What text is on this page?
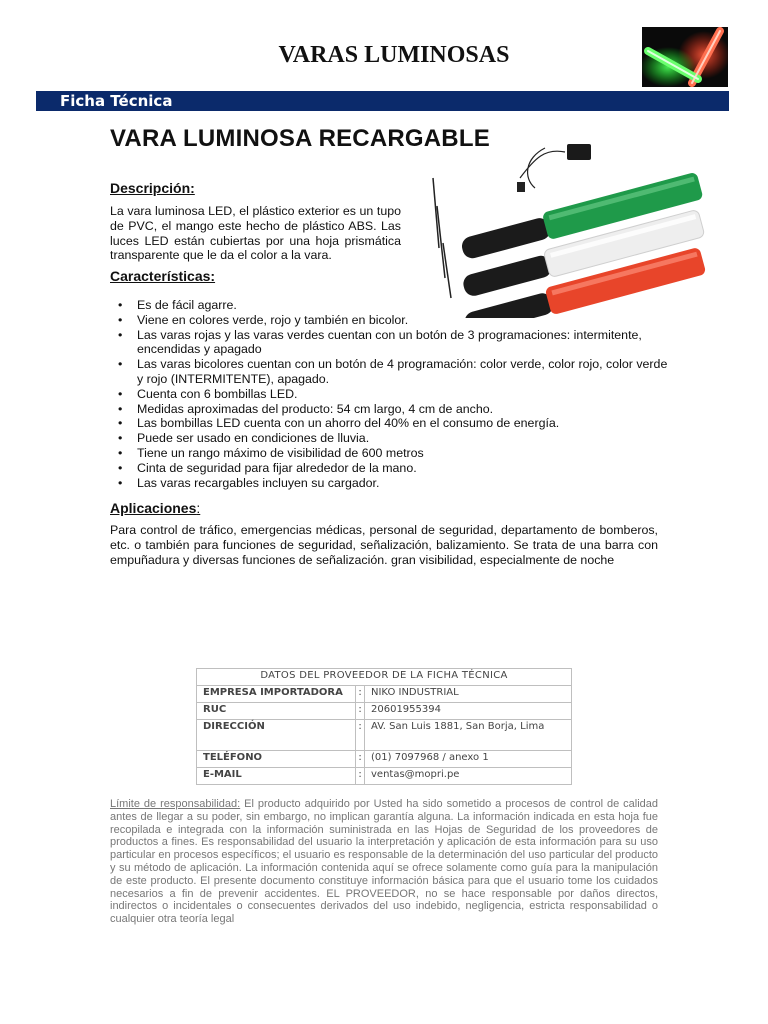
VARAS LUMINOSAS
Ficha Técnica
VARA LUMINOSA RECARGABLE
Descripción:
La vara luminosa LED, el plástico exterior es un tupo de PVC, el mango este hecho de plástico ABS. Las luces LED están cubiertas por una hoja prismática transparente que le da el color a la vara.
Características:
• Es de fácil agarre.
• Viene en colores verde, rojo y también en bicolor.
• Las varas rojas y las varas verdes cuentan con un botón de 3 programaciones: intermitente, encendidas y apagado
• Las varas bicolores cuentan con un botón de 4 programación: color verde, color rojo, color verde y rojo (INTERMITENTE), apagado.
• Cuenta con 6 bombillas LED.
• Medidas aproximadas del producto: 54 cm largo, 4 cm de ancho.
• Las bombillas LED cuenta con un ahorro del 40% en el consumo de energía.
• Puede ser usado en condiciones de lluvia.
• Tiene un rango máximo de visibilidad de 600 metros
• Cinta de seguridad para fijar alrededor de la mano.
• Las varas recargables incluyen su cargador.
Aplicaciones:
Para control de tráfico, emergencias médicas, personal de seguridad, departamento de bomberos, etc. o también para funciones de seguridad, señalización, balizamiento. Se trata de una barra con empuñadura y diversas funciones de señalización. gran visibilidad, especialmente de noche
DATOS DEL PROVEEDOR DE LA FICHA TÉCNICA		
EMPRESA IMPORTADORA	:	NIKO INDUSTRIAL
RUC	:	20601955394
DIRECCIÓN	:	AV. San Luis 1881, San Borja, Lima
TELÉFONO	:	(01) 7097968 / anexo 1
E-MAIL	:	ventas@mopri.pe
Límite de responsabilidad: El producto adquirido por Usted ha sido sometido a procesos de control de calidad antes de llegar a su poder, sin embargo, no implican garantía alguna. La información indicada en esta hoja fue recopilada e integrada con la información suministrada en las Hojas de Seguridad de los proveedores de productos a fines. Es responsabilidad del usuario la interpretación y aplicación de esta información para su uso particular en procesos específicos; el usuario es responsable de la determinación del uso particular del producto y su método de aplicación. La información contenida aquí se ofrece solamente como guía para la manipulación de este producto. El presente documento constituye información básica para que el usuario tome los cuidados necesarios a fin de prevenir accidentes. EL PROVEEDOR, no se hace responsable por daños directos, indirectos o incidentales o consecuentes derivados del uso indebido, negligencia, estricta responsabilidad o cualquier otra teoría legal
